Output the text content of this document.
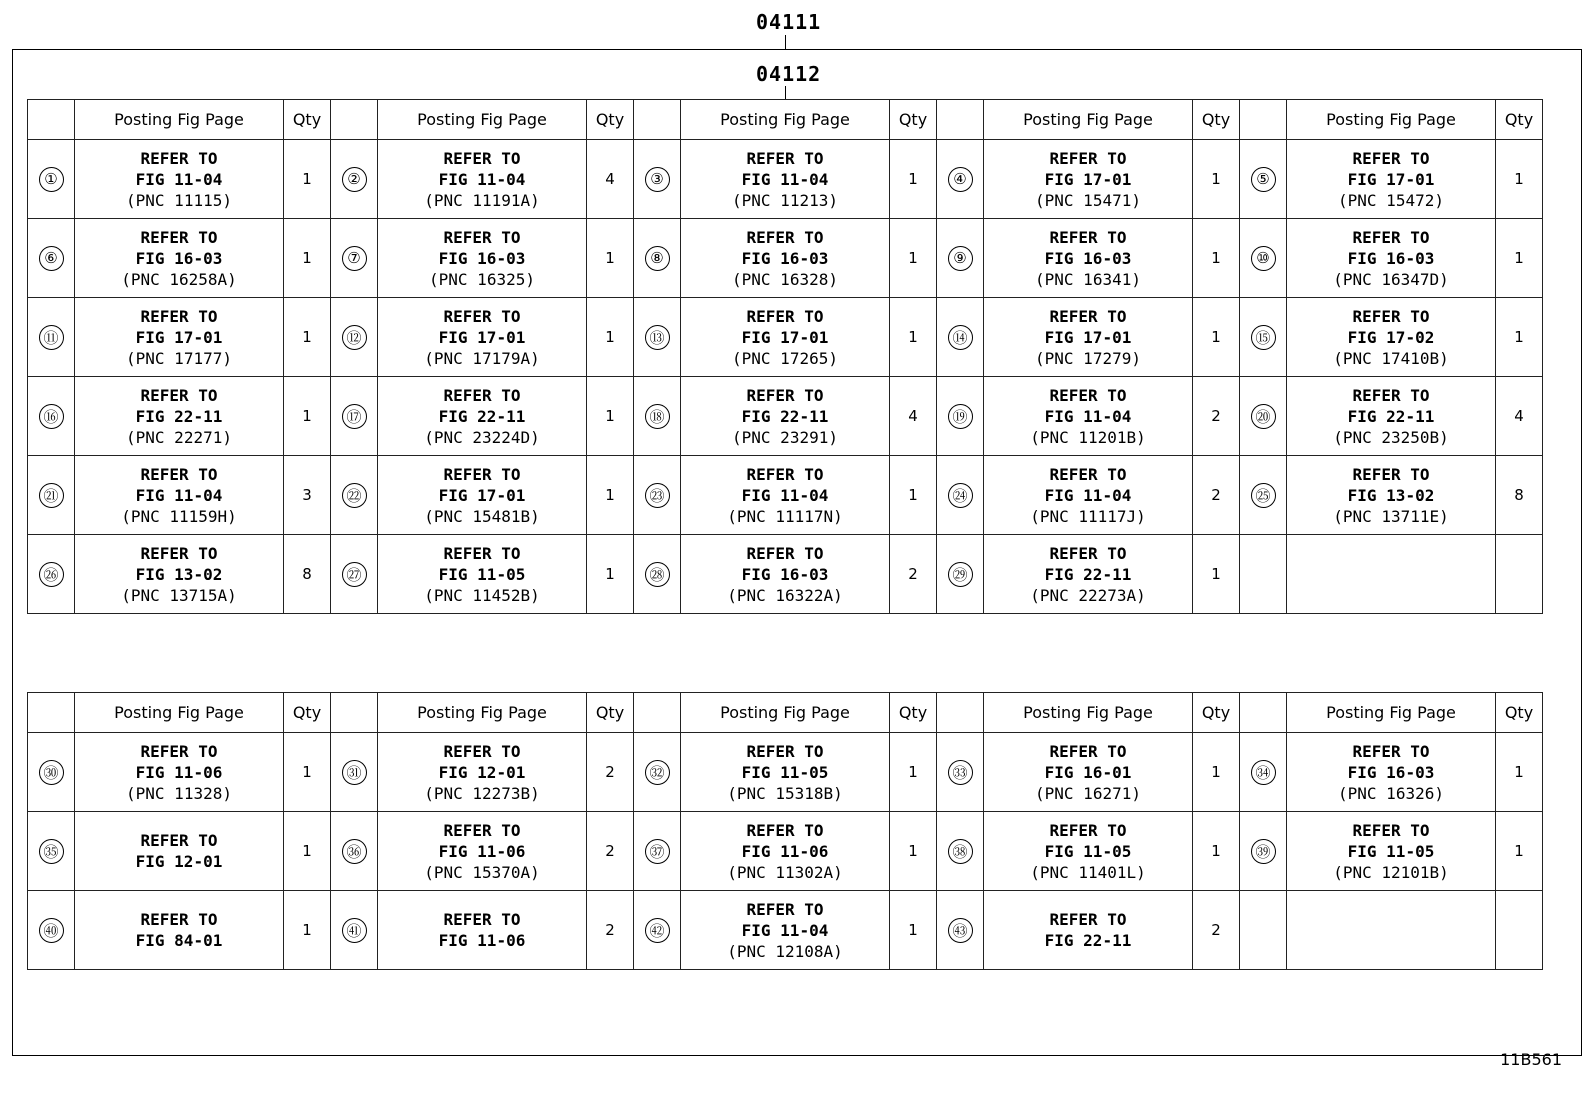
04111
04112
	Posting Fig Page	Qty		Posting Fig Page	Qty		Posting Fig Page	Qty		Posting Fig Page	Qty		Posting Fig Page	Qty
①	REFER TO
FIG 11-04
(PNC 11115)	1	②	REFER TO
FIG 11-04
(PNC 11191A)	4	③	REFER TO
FIG 11-04
(PNC 11213)	1	④	REFER TO
FIG 17-01
(PNC 15471)	1	⑤	REFER TO
FIG 17-01
(PNC 15472)	1
⑥	REFER TO
FIG 16-03
(PNC 16258A)	1	⑦	REFER TO
FIG 16-03
(PNC 16325)	1	⑧	REFER TO
FIG 16-03
(PNC 16328)	1	⑨	REFER TO
FIG 16-03
(PNC 16341)	1	⑩	REFER TO
FIG 16-03
(PNC 16347D)	1
⑪	REFER TO
FIG 17-01
(PNC 17177)	1	⑫	REFER TO
FIG 17-01
(PNC 17179A)	1	⑬	REFER TO
FIG 17-01
(PNC 17265)	1	⑭	REFER TO
FIG 17-01
(PNC 17279)	1	⑮	REFER TO
FIG 17-02
(PNC 17410B)	1
⑯	REFER TO
FIG 22-11
(PNC 22271)	1	⑰	REFER TO
FIG 22-11
(PNC 23224D)	1	⑱	REFER TO
FIG 22-11
(PNC 23291)	4	⑲	REFER TO
FIG 11-04
(PNC 11201B)	2	⑳	REFER TO
FIG 22-11
(PNC 23250B)	4
㉑	REFER TO
FIG 11-04
(PNC 11159H)	3	㉒	REFER TO
FIG 17-01
(PNC 15481B)	1	㉓	REFER TO
FIG 11-04
(PNC 11117N)	1	㉔	REFER TO
FIG 11-04
(PNC 11117J)	2	㉕	REFER TO
FIG 13-02
(PNC 13711E)	8
㉖	REFER TO
FIG 13-02
(PNC 13715A)	8	㉗	REFER TO
FIG 11-05
(PNC 11452B)	1	㉘	REFER TO
FIG 16-03
(PNC 16322A)	2	㉙	REFER TO
FIG 22-11
(PNC 22273A)	1			
	Posting Fig Page	Qty		Posting Fig Page	Qty		Posting Fig Page	Qty		Posting Fig Page	Qty		Posting Fig Page	Qty
㉚	REFER TO
FIG 11-06
(PNC 11328)	1	㉛	REFER TO
FIG 12-01
(PNC 12273B)	2	㉜	REFER TO
FIG 11-05
(PNC 15318B)	1	㉝	REFER TO
FIG 16-01
(PNC 16271)	1	㉞	REFER TO
FIG 16-03
(PNC 16326)	1
㉟	REFER TO
FIG 12-01	1	㊱	REFER TO
FIG 11-06
(PNC 15370A)	2	㊲	REFER TO
FIG 11-06
(PNC 11302A)	1	㊳	REFER TO
FIG 11-05
(PNC 11401L)	1	㊴	REFER TO
FIG 11-05
(PNC 12101B)	1
㊵	REFER TO
FIG 84-01	1	㊶	REFER TO
FIG 11-06	2	㊷	REFER TO
FIG 11-04
(PNC 12108A)	1	㊸	REFER TO
FIG 22-11	2			
11B561
